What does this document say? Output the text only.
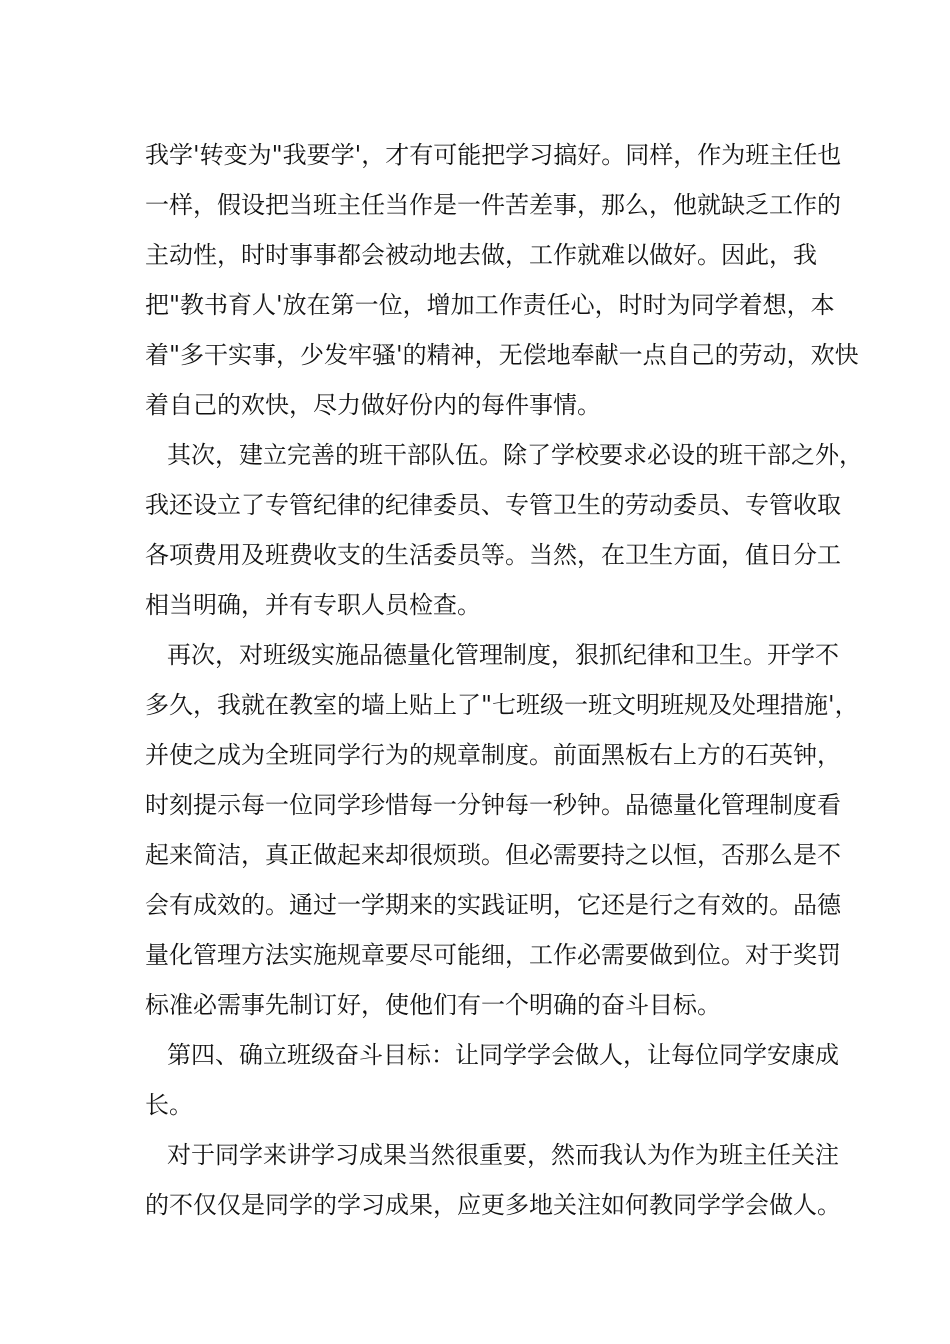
我学'转变为"我要学'，才有可能把学习搞好。同样，作为班主任也
一样，假设把当班主任当作是一件苦差事，那么，他就缺乏工作的
主动性，时时事事都会被动地去做，工作就难以做好。因此，我
把"教书育人'放在第一位，增加工作责任心，时时为同学着想，本
着"多干实事，少发牢骚'的精神，无偿地奉献一点自己的劳动，欢快
着自己的欢快，尽力做好份内的每件事情。
其次，建立完善的班干部队伍。除了学校要求必设的班干部之外，
我还设立了专管纪律的纪律委员、专管卫生的劳动委员、专管收取
各项费用及班费收支的生活委员等。当然，在卫生方面，值日分工
相当明确，并有专职人员检查。
再次，对班级实施品德量化管理制度，狠抓纪律和卫生。开学不
多久，我就在教室的墙上贴上了"七班级一班文明班规及处理措施'，
并使之成为全班同学行为的规章制度。前面黑板右上方的石英钟，
时刻提示每一位同学珍惜每一分钟每一秒钟。品德量化管理制度看
起来简洁，真正做起来却很烦琐。但必需要持之以恒，否那么是不
会有成效的。通过一学期来的实践证明，它还是行之有效的。品德
量化管理方法实施规章要尽可能细，工作必需要做到位。对于奖罚
标准必需事先制订好，使他们有一个明确的奋斗目标。
第四、确立班级奋斗目标：让同学学会做人，让每位同学安康成
长。
对于同学来讲学习成果当然很重要，然而我认为作为班主任关注
的不仅仅是同学的学习成果，应更多地关注如何教同学学会做人。
